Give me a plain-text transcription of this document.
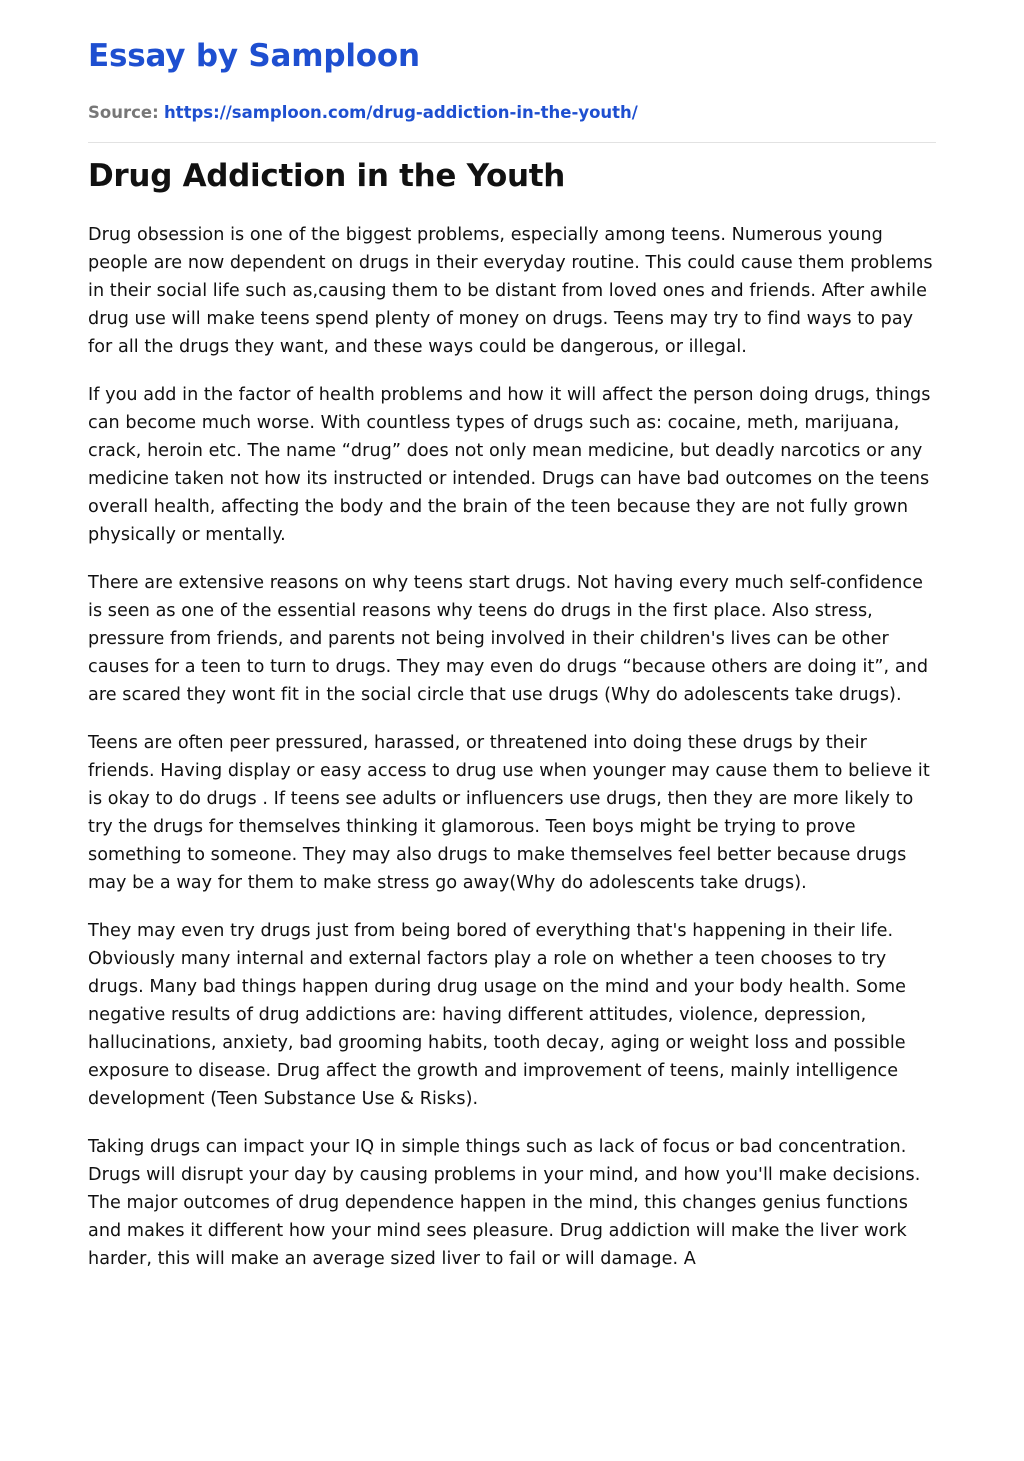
Essay by Samploon
Source: https://samploon.com/drug-addiction-in-the-youth/
Drug Addiction in the Youth

Drug obsession is one of the biggest problems, especially among teens. Numerous young people are now dependent on drugs in their everyday routine. This could cause them problems in their social life such as,causing them to be distant from loved ones and friends. After awhile drug use will make teens spend plenty of money on drugs. Teens may try to find ways to pay for all the drugs they want, and these ways could be dangerous, or illegal.

If you add in the factor of health problems and how it will affect the person doing drugs, things can become much worse. With countless types of drugs such as: cocaine, meth, marijuana, crack, heroin etc. The name “drug” does not only mean medicine, but deadly narcotics or any medicine taken not how its instructed or intended. Drugs can have bad outcomes on the teens overall health, affecting the body and the brain of the teen because they are not fully grown physically or mentally.

There are extensive reasons on why teens start drugs. Not having every much self-confidence is seen as one of the essential reasons why teens do drugs in the first place. Also stress, pressure from friends, and parents not being involved in their children's lives can be other causes for a teen to turn to drugs. They may even do drugs “because others are doing it”, and are scared they wont fit in the social circle that use drugs (Why do adolescents take drugs).

Teens are often peer pressured, harassed, or threatened into doing these drugs by their friends. Having display or easy access to drug use when younger may cause them to believe it is okay to do drugs . If teens see adults or influencers use drugs, then they are more likely to try the drugs for themselves thinking it glamorous. Teen boys might be trying to prove something to someone. They may also drugs to make themselves feel better because drugs may be a way for them to make stress go away(Why do adolescents take drugs).

They may even try drugs just from being bored of everything that's happening in their life. Obviously many internal and external factors play a role on whether a teen chooses to try drugs. Many bad things happen during drug usage on the mind and your body health. Some negative results of drug addictions are: having different attitudes, violence, depression, hallucinations, anxiety, bad grooming habits, tooth decay, aging or weight loss and possible exposure to disease. Drug affect the growth and improvement of teens, mainly intelligence development (Teen Substance Use & Risks).

Taking drugs can impact your IQ in simple things such as lack of focus or bad concentration. Drugs will disrupt your day by causing problems in your mind, and how you'll make decisions. The major outcomes of drug dependence happen in the mind, this changes genius functions and makes it different how your mind sees pleasure. Drug addiction will make the liver work harder, this will make an average sized liver to fail or will damage. A
